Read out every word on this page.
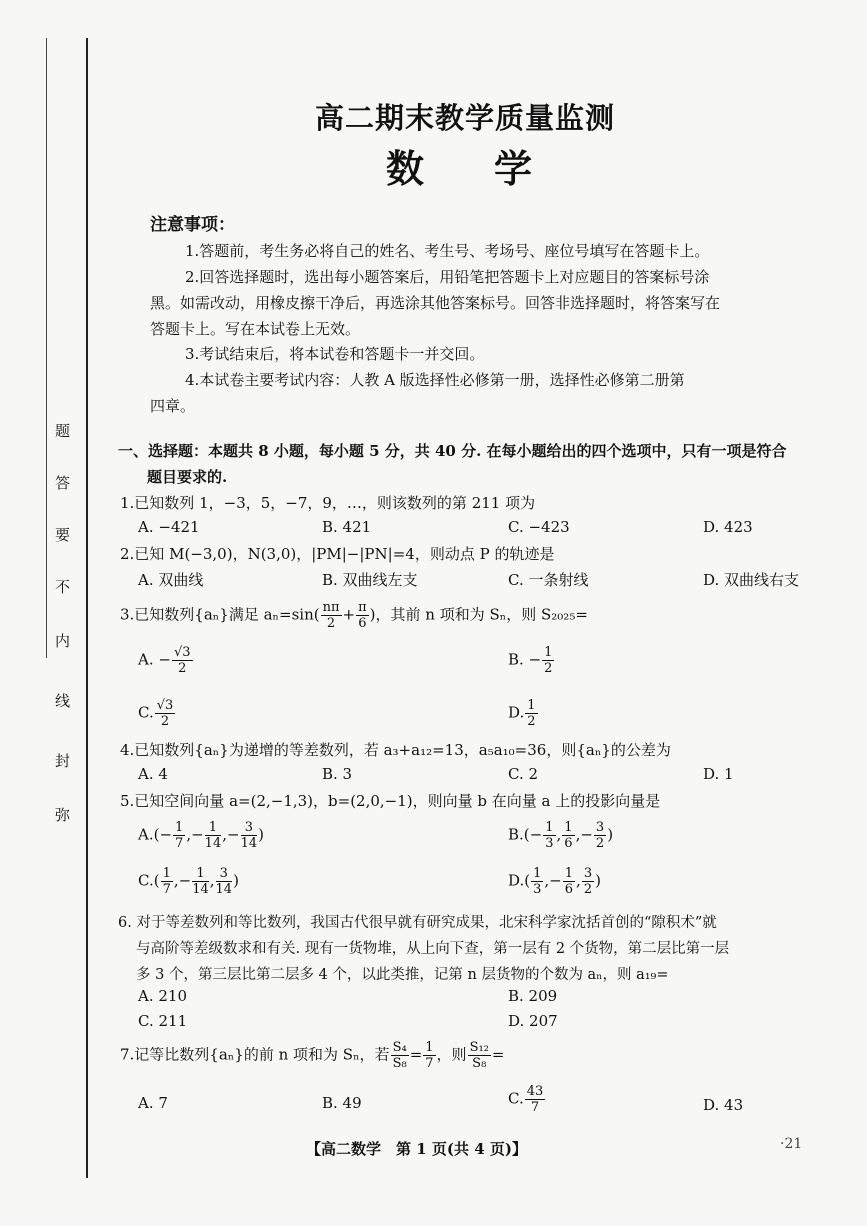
题
答
要
不
内
线
封
弥
高二期末教学质量监测
数学
注意事项：
1.答题前，考生务必将自己的姓名、考生号、考场号、座位号填写在答题卡上。
2.回答选择题时，选出每小题答案后，用铅笔把答题卡上对应题目的答案标号涂
黑。如需改动，用橡皮擦干净后，再选涂其他答案标号。回答非选择题时，将答案写在
答题卡上。写在本试卷上无效。
3.考试结束后，将本试卷和答题卡一并交回。
4.本试卷主要考试内容：人教 A 版选择性必修第一册，选择性必修第二册第
四章。
一、选择题：本题共 8 小题，每小题 5 分，共 40 分. 在每小题给出的四个选项中，只有一项是符合
题目要求的.
1.已知数列 1，−3，5，−7，9，…，则该数列的第 211 项为
A. −421	B. 421	C. −423	D. 423
2.已知 M(−3,0)，N(3,0)，|PM|−|PN|=4，则动点 P 的轨迹是
A. 双曲线	B. 双曲线左支	C. 一条射线	D. 双曲线右支
3.已知数列{aₙ}满足 $a_n=\sin( \frac{n\pi}{2} + \frac{\pi}{6}$ )，其前 n 项和为 Sₙ，则 S₂₀₂₅=
A. − $\frac{√3}{2}$	B. − $\frac{1}{2}$
C. $\frac{√3}{2}$	D. $\frac{1}{2}$
4.已知数列{aₙ}为递增的等差数列，若 a₃+a₁₂=13，a₅a₁₀=36，则{aₙ}的公差为
A. 4	B. 3	C. 2	D. 1
5.已知空间向量 a=(2,−1,3)，b=(2,0,−1)，则向量 b 在向量 a 上的投影向量是
$A.(- \frac{1}{7}$ ,− $\frac{1}{14}$ ,− $\frac{3}{14}$ )	$B.(- \frac{1}{3}$ , $\frac{1}{6}$ ,− $\frac{3}{2}$ )
$C.( \frac{1}{7}$ ,− $\frac{1}{14}$ , $\frac{3}{14}$ )	$D.( \frac{1}{3}$ ,− $\frac{1}{6}$ , $\frac{3}{2}$ )
6. 对于等差数列和等比数列，我国古代很早就有研究成果，北宋科学家沈括首创的“隙积术”就
与高阶等差级数求和有关. 现有一货物堆，从上向下查，第一层有 2 个货物，第二层比第一层
多 3 个，第三层比第二层多 4 个，以此类推，记第 n 层货物的个数为 aₙ，则 a₁₉=
A. 210	B. 209
C. 211	D. 207
7.记等比数列{aₙ}的前 n 项和为 Sₙ，若 $\frac{\text{S₄}}{\text{S₈}} = \frac{1}{7}$ ，则 $\frac{\text{S₁₂}}{\text{S₈}}$ =
A. 7	B. 49	C. $\frac{43}{7}$	D. 43
【高二数学　第 1 页(共 4 页)】	·21
